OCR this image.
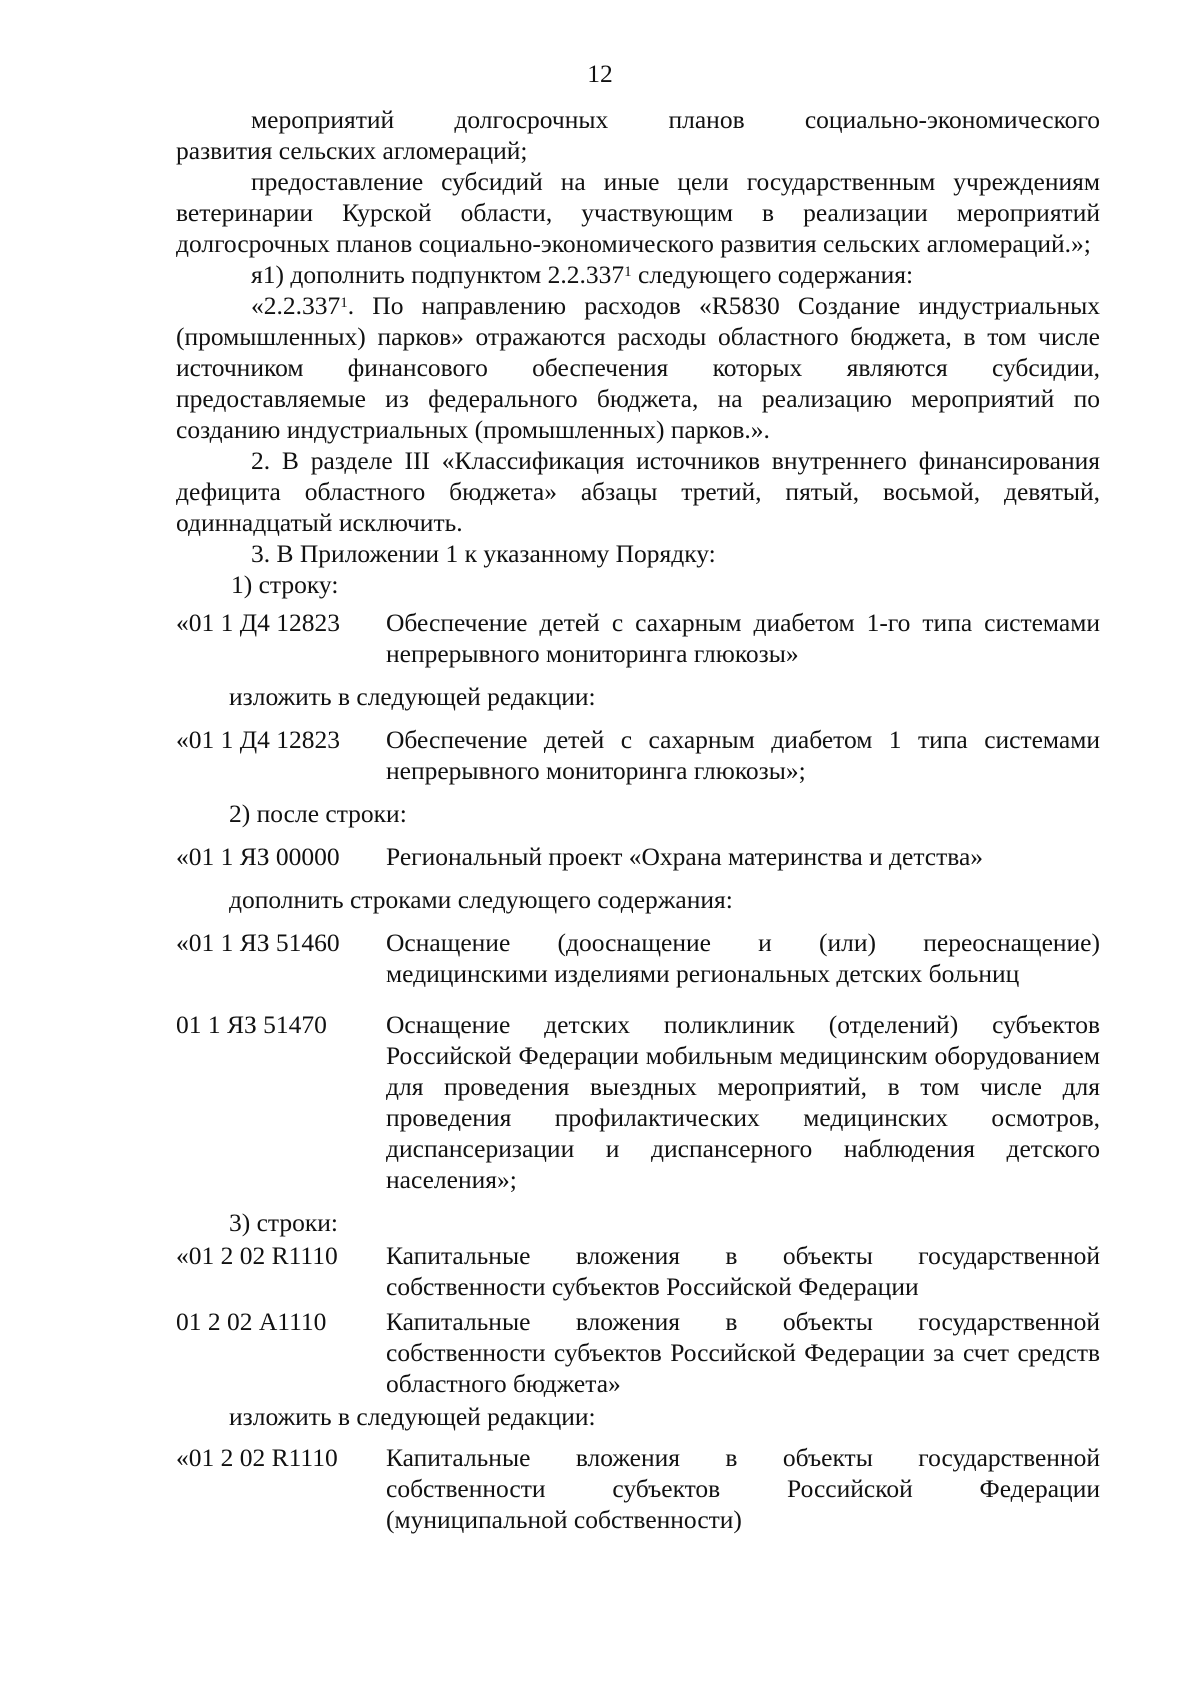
12

мероприятий долгосрочных планов социально-экономического

развития сельских агломераций;

предоставление субсидий на иные цели государственным учреждениям ветеринарии Курской области, участвующим в реализации мероприятий долгосрочных планов социально-экономического развития сельских агломераций.»;

я1) дополнить подпунктом 2.2.337$^1$ следующего содержания:

«2.2.337$^1$. По направлению расходов «R5830 Создание индустриальных (промышленных) парков» отражаются расходы областного бюджета, в том числе источником финансового обеспечения которых являются субсидии, предоставляемые из федерального бюджета, на реализацию мероприятий по созданию индустриальных (промышленных) парков.».

2. В разделе III «Классификация источников внутреннего финансирования дефицита областного бюджета» абзацы третий, пятый, восьмой, девятый, одиннадцатый исключить.

3. В Приложении 1 к указанному Порядку:

1) строку:

«01 1 Д4 12823	Обеспечение детей с сахарным диабетом 1-го типа системами непрерывного мониторинга глюкозы»

изложить в следующей редакции:

«01 1 Д4 12823	Обеспечение детей с сахарным диабетом 1 типа системами непрерывного мониторинга глюкозы»;

2) после строки:

«01 1 ЯЗ 00000	Региональный проект «Охрана материнства и детства»

дополнить строками следующего содержания:

«01 1 ЯЗ 51460	Оснащение (дооснащение и (или) переоснащение) медицинскими изделиями региональных детских больниц
01 1 ЯЗ 51470	Оснащение детских поликлиник (отделений) субъектов Российской Федерации мобильным медицинским оборудованием для проведения выездных мероприятий, в том числе для проведения профилактических медицинских осмотров, диспансеризации и диспансерного наблюдения детского населения»;

3) строки:

«01 2 02 R1110	Капитальные вложения в объекты государственной собственности субъектов Российской Федерации
01 2 02 А1110	Капитальные вложения в объекты государственной собственности субъектов Российской Федерации за счет средств областного бюджета»

изложить в следующей редакции:

«01 2 02 R1110	Капитальные вложения в объекты государственной собственности субъектов Российской Федерации (муниципальной собственности)
